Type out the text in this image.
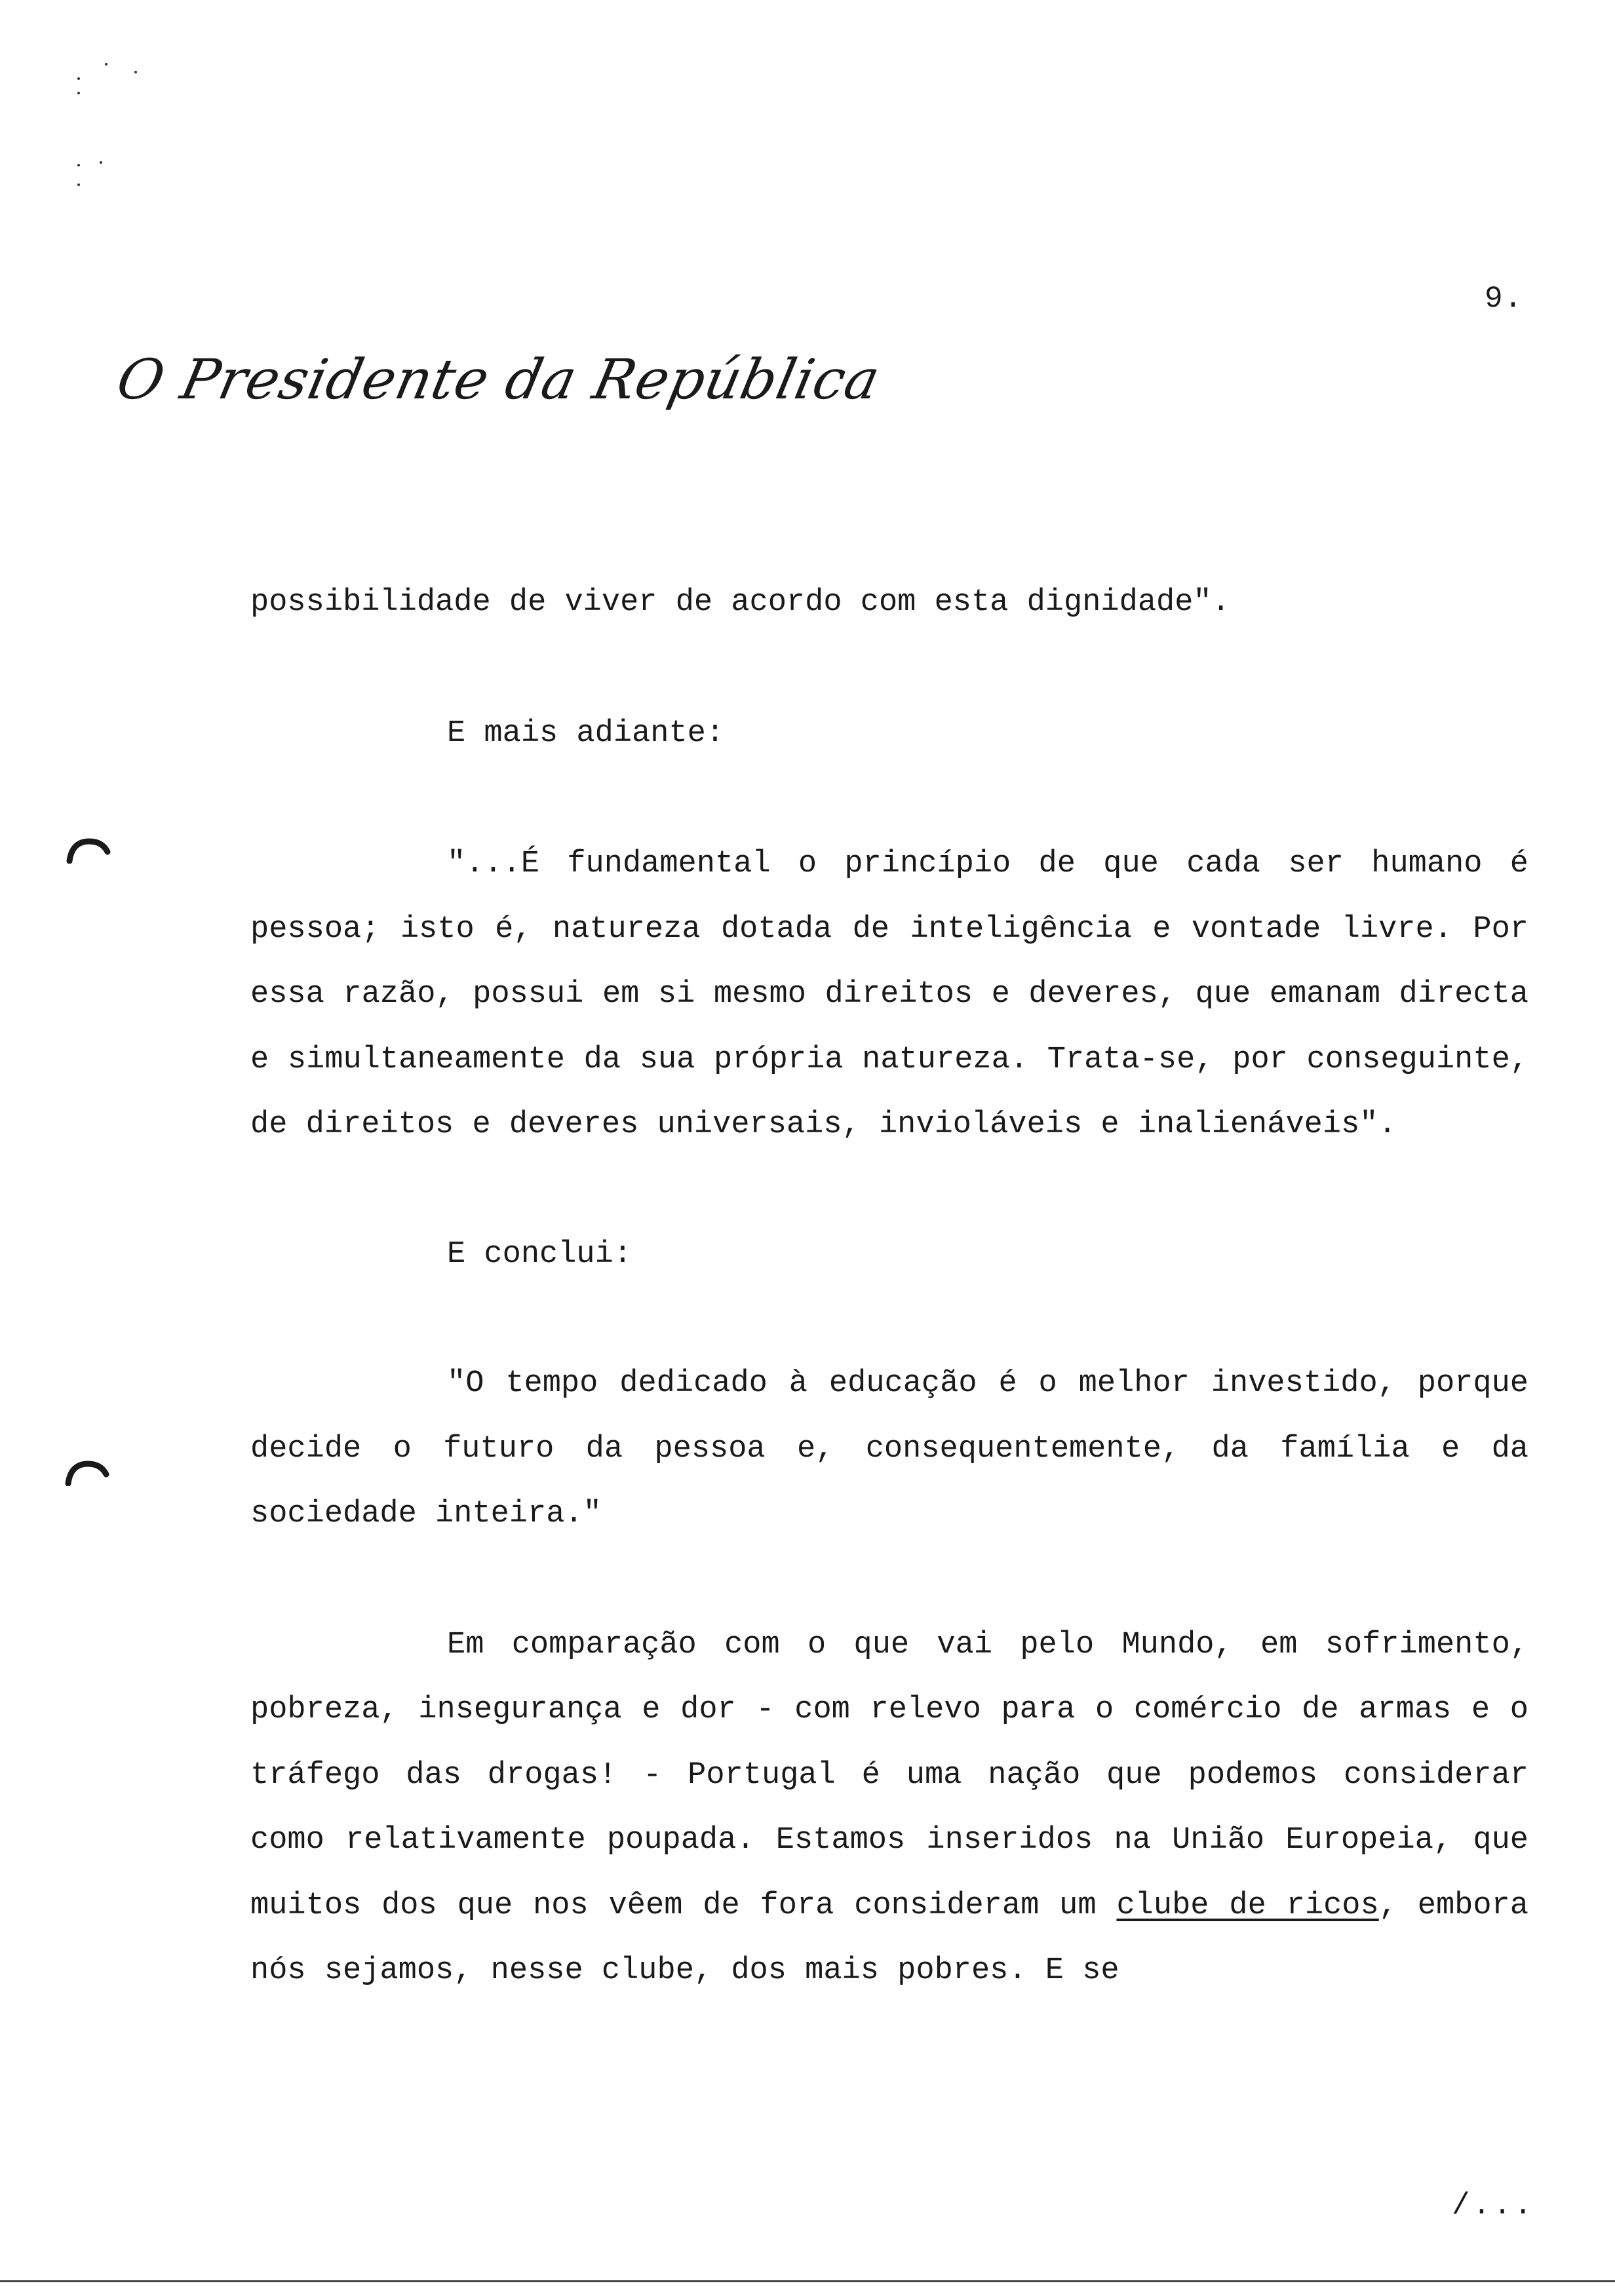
9.
O Presidente da República

possibilidade de viver de acordo com esta dignidade".

E mais adiante:

"...É fundamental o princípio de que cada ser humano é pessoa; isto é, natureza dotada de inteligência e vontade livre. Por essa razão, possui em si mesmo direitos e deveres, que emanam directa e simultaneamente da sua própria natureza. Trata-se, por conseguinte, de direitos e deveres universais, invioláveis e inalienáveis".

E conclui:

"O tempo dedicado à educação é o melhor investido, porque decide o futuro da pessoa e, consequentemente, da família e da sociedade inteira."

Em comparação com o que vai pelo Mundo, em sofrimento, pobreza, insegurança e dor - com relevo para o comércio de armas e o tráfego das drogas! - Portugal é uma nação que podemos considerar como relativamente poupada. Estamos inseridos na União Europeia, que muitos dos que nos vêem de fora consideram um clube de ricos, embora nós sejamos, nesse clube, dos mais pobres. E se

/...
